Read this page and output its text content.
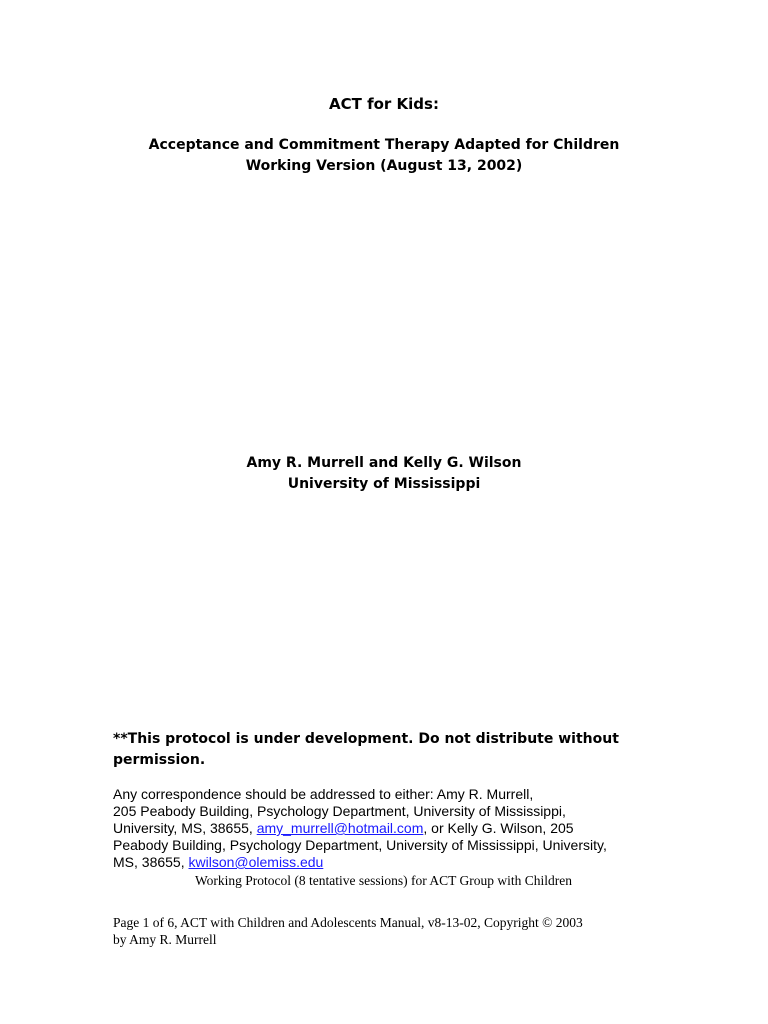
ACT for Kids:
Acceptance and Commitment Therapy Adapted for Children
Working Version (August 13, 2002)
Amy R. Murrell and Kelly G. Wilson
University of Mississippi
**This protocol is under development. Do not distribute without
permission.
Any correspondence should be addressed to either: Amy R. Murrell,
205 Peabody Building, Psychology Department, University of Mississippi,
University, MS, 38655, amy_murrell@hotmail.com, or Kelly G. Wilson, 205
Peabody Building, Psychology Department, University of Mississippi, University,
MS, 38655, kwilson@olemiss.edu
Working Protocol (8 tentative sessions) for ACT Group with Children
Page 1 of 6, ACT with Children and Adolescents Manual, v8-13-02, Copyright © 2003
by Amy R. Murrell
